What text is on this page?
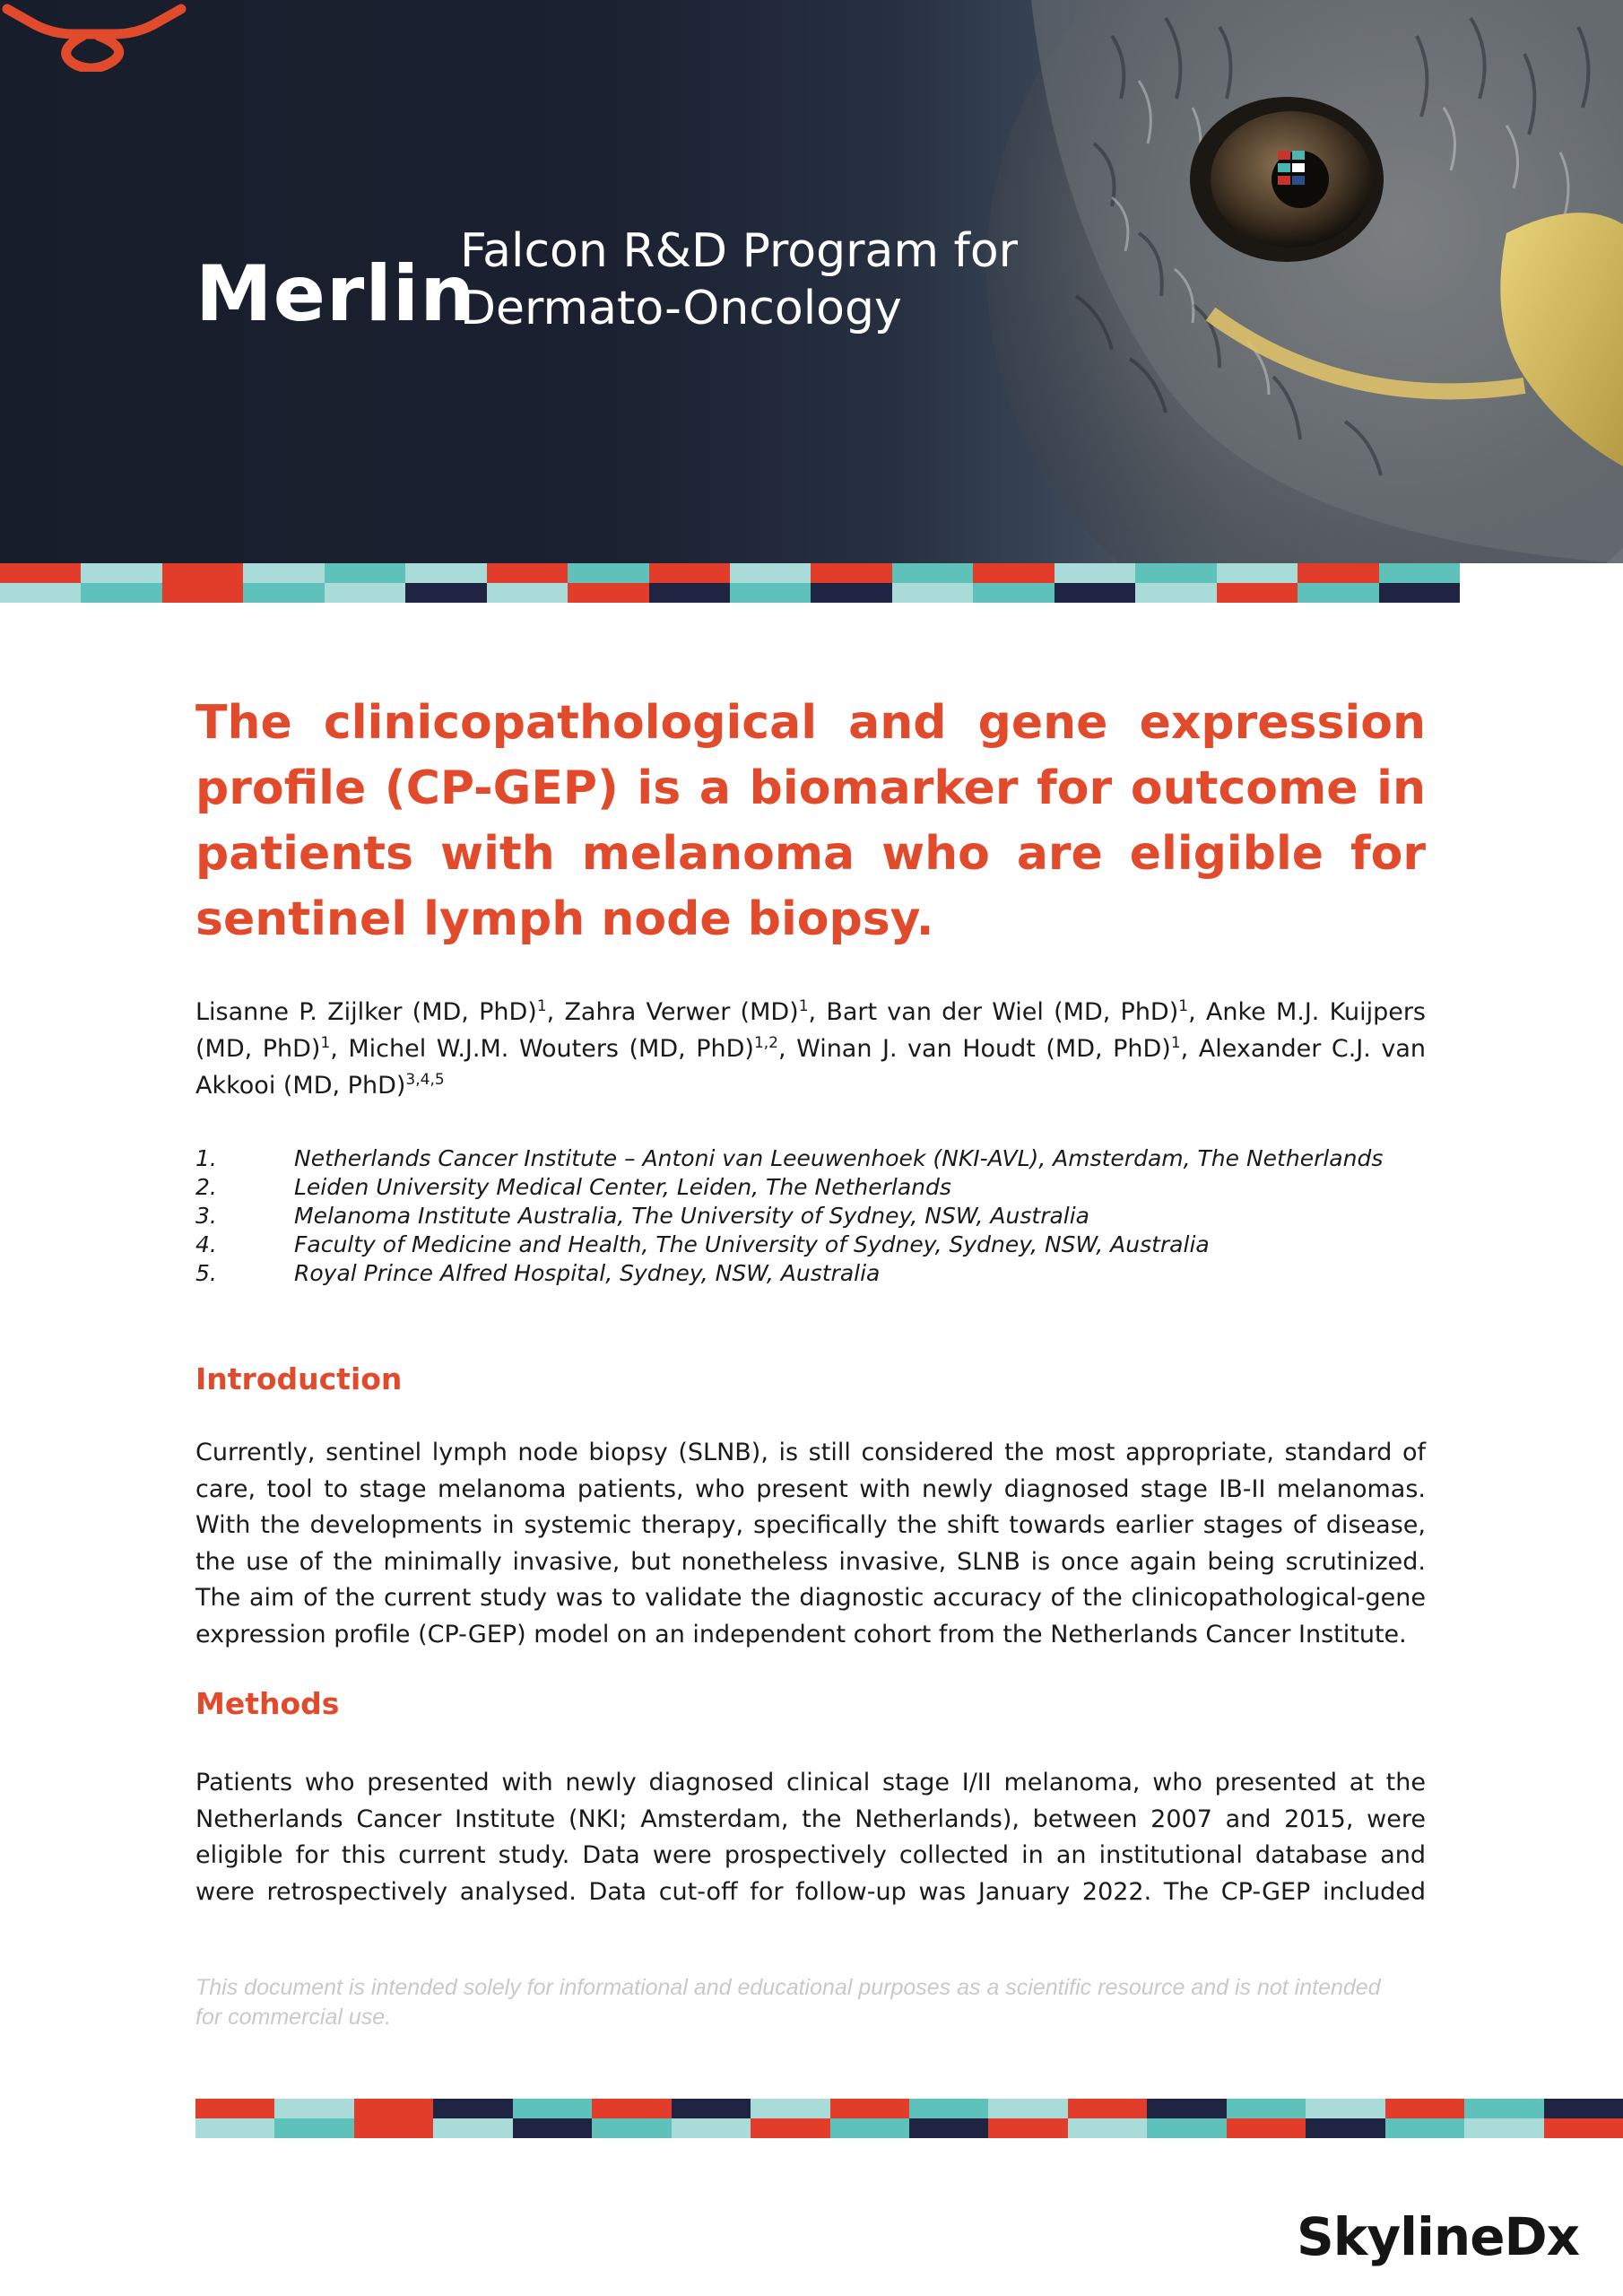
Merlin
Falcon R&D Program for
Dermato-Oncology
The clinicopathological and gene expression profile (CP-GEP) is a biomarker for outcome in patients with melanoma who are eligible for sentinel lymph node biopsy.

Lisanne P. Zijlker (MD, PhD)$^1$, Zahra Verwer (MD)$^1$, Bart van der Wiel (MD, PhD)$^1$, Anke M.J. Kuijpers (MD, PhD)$^1$, Michel W.J.M. Wouters (MD, PhD)$^{1,2}$, Winan J. van Houdt (MD, PhD)$^1$, Alexander C.J. van Akkooi (MD, PhD)$^{3,4,5}$

1.	Netherlands Cancer Institute – Antoni van Leeuwenhoek (NKI-AVL), Amsterdam, The Netherlands
2.	Leiden University Medical Center, Leiden, The Netherlands
3.	Melanoma Institute Australia, The University of Sydney, NSW, Australia
4.	Faculty of Medicine and Health, The University of Sydney, Sydney, NSW, Australia
5.	Royal Prince Alfred Hospital, Sydney, NSW, Australia
Introduction

Currently, sentinel lymph node biopsy (SLNB), is still considered the most appropriate, standard of care, tool to stage melanoma patients, who present with newly diagnosed stage IB-II melanomas. With the developments in systemic therapy, specifically the shift towards earlier stages of disease, the use of the minimally invasive, but nonetheless invasive, SLNB is once again being scrutinized. The aim of the current study was to validate the diagnostic accuracy of the clinicopathological-gene expression profile (CP-GEP) model on an independent cohort from the Netherlands Cancer Institute.

Methods

Patients who presented with newly diagnosed clinical stage I/II melanoma, who presented at the Netherlands Cancer Institute (NKI; Amsterdam, the Netherlands), between 2007 and 2015, were eligible for this current study. Data were prospectively collected in an institutional database and were retrospectively analysed. Data cut-off for follow-up was January 2022. The CP-GEP included

This document is intended solely for informational and educational purposes as a scientific resource and is not intended for commercial use.

SkylineDx
